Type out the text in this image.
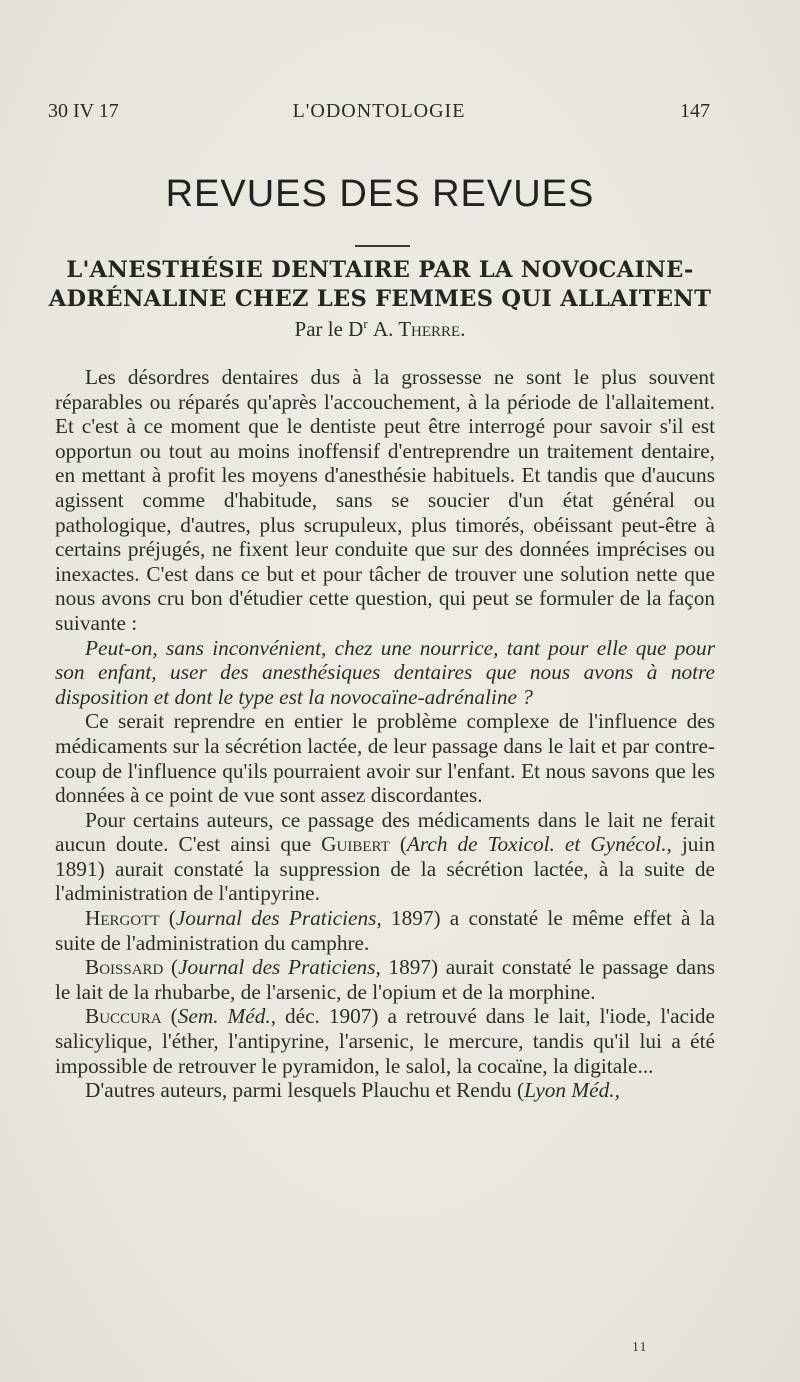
30 IV 17	L'ODONTOLOGIE	147
REVUES DES REVUES
L'ANESTHÉSIE DENTAIRE PAR LA NOVOCAINE-
ADRÉNALINE CHEZ LES FEMMES QUI ALLAITENT
Par le $D^r$ A. Therre.

Les désordres dentaires dus à la grossesse ne sont le plus souvent réparables ou réparés qu'après l'accouchement, à la période de l'allaitement. Et c'est à ce moment que le dentiste peut être interrogé pour savoir s'il est opportun ou tout au moins inoffensif d'entreprendre un traitement dentaire, en mettant à profit les moyens d'anesthésie habituels. Et tandis que d'aucuns agissent comme d'habitude, sans se soucier d'un état général ou pathologique, d'autres, plus scrupuleux, plus timorés, obéissant peut-être à certains préjugés, ne fixent leur conduite que sur des données imprécises ou inexactes. C'est dans ce but et pour tâcher de trouver une solution nette que nous avons cru bon d'étudier cette question, qui peut se formuler de la façon suivante :

Peut-on, sans inconvénient, chez une nourrice, tant pour elle que pour son enfant, user des anesthésiques dentaires que nous avons à notre disposition et dont le type est la novocaïne-adrénaline ?

Ce serait reprendre en entier le problème complexe de l'influence des médicaments sur la sécrétion lactée, de leur passage dans le lait et par contre-coup de l'influence qu'ils pourraient avoir sur l'enfant. Et nous savons que les données à ce point de vue sont assez discordantes.

Pour certains auteurs, ce passage des médicaments dans le lait ne ferait aucun doute. C'est ainsi que Guibert (Arch de Toxicol. et Gynécol., juin 1891) aurait constaté la suppression de la sécrétion lactée, à la suite de l'administration de l'antipyrine.

Hergott (Journal des Praticiens, 1897) a constaté le même effet à la suite de l'administration du camphre.

Boissard (Journal des Praticiens, 1897) aurait constaté le passage dans le lait de la rhubarbe, de l'arsenic, de l'opium et de la morphine.

Buccura (Sem. Méd., déc. 1907) a retrouvé dans le lait, l'iode, l'acide salicylique, l'éther, l'antipyrine, l'arsenic, le mercure, tandis qu'il lui a été impossible de retrouver le pyramidon, le salol, la cocaïne, la digitale...

D'autres auteurs, parmi lesquels Plauchu et Rendu (Lyon Méd.,

11
